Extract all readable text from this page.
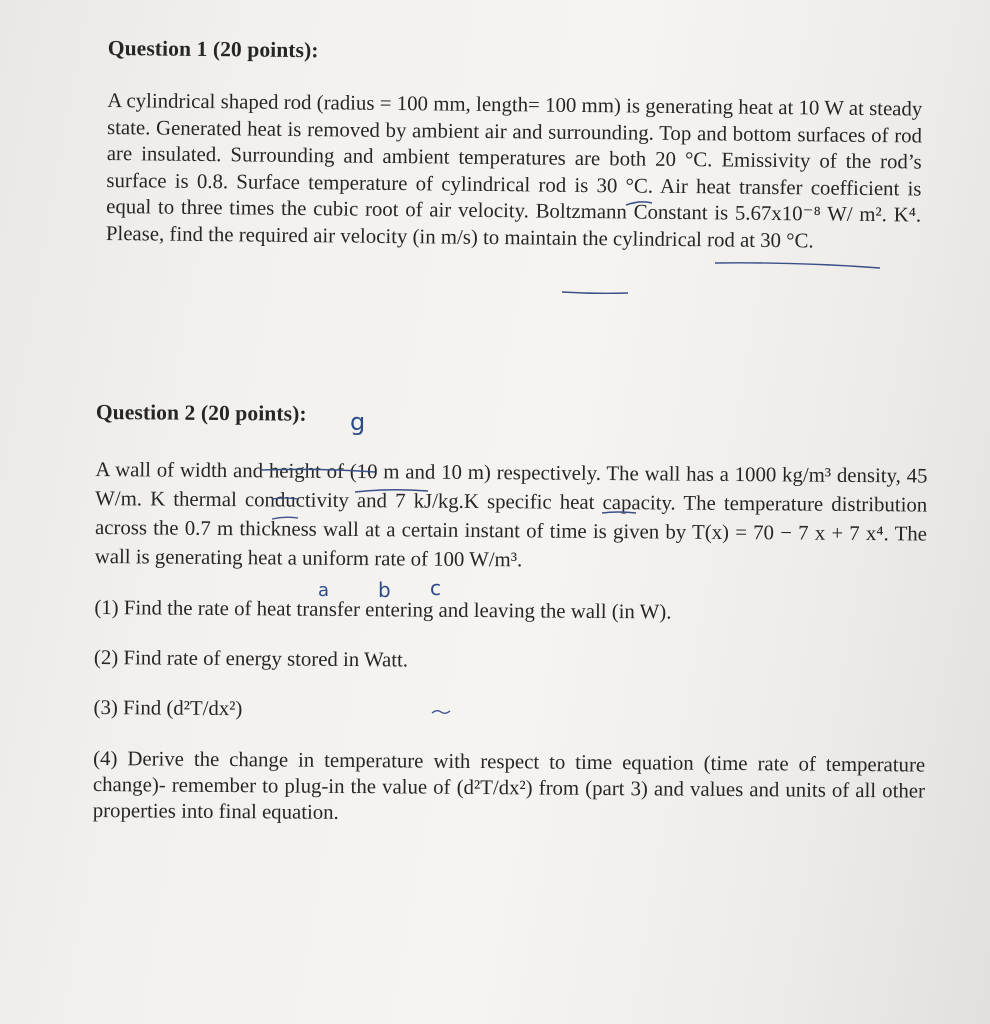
Question 1 (20 points):

A cylindrical shaped rod (radius = 100 mm, length= 100 mm) is generating heat at 10 W at steady state. Generated heat is removed by ambient air and surrounding. Top and bottom surfaces of rod are insulated. Surrounding and ambient temperatures are both 20 °C. Emissivity of the rod’s surface is 0.8. Surface temperature of cylindrical rod is 30 °C. Air heat transfer coefficient is equal to three times the cubic root of air velocity. Boltzmann Constant is 5.67x10⁻⁸ W/ m². K⁴. Please, find the required air velocity (in m/s) to maintain the cylindrical rod at 30 °C.

Question 2 (20 points):

A wall of width and height of (10 m and 10 m) respectively. The wall has a 1000 kg/m³ density, 45 W/m. K thermal conductivity and 7 kJ/kg.K specific heat capacity. The temperature distribution across the 0.7 m thickness wall at a certain instant of time is given by T(x) = 70 − 7 x + 7 x⁴. The wall is generating heat a uniform rate of 100 W/m³.

(1) Find the rate of heat transfer entering and leaving the wall (in W).

(2) Find rate of energy stored in Watt.

(3) Find (d²T/dx²)

(4) Derive the change in temperature with respect to time equation (time rate of temperature change)- remember to plug-in the value of (d²T/dx²) from (part 3) and values and units of all other properties into final equation.

g
a b c
